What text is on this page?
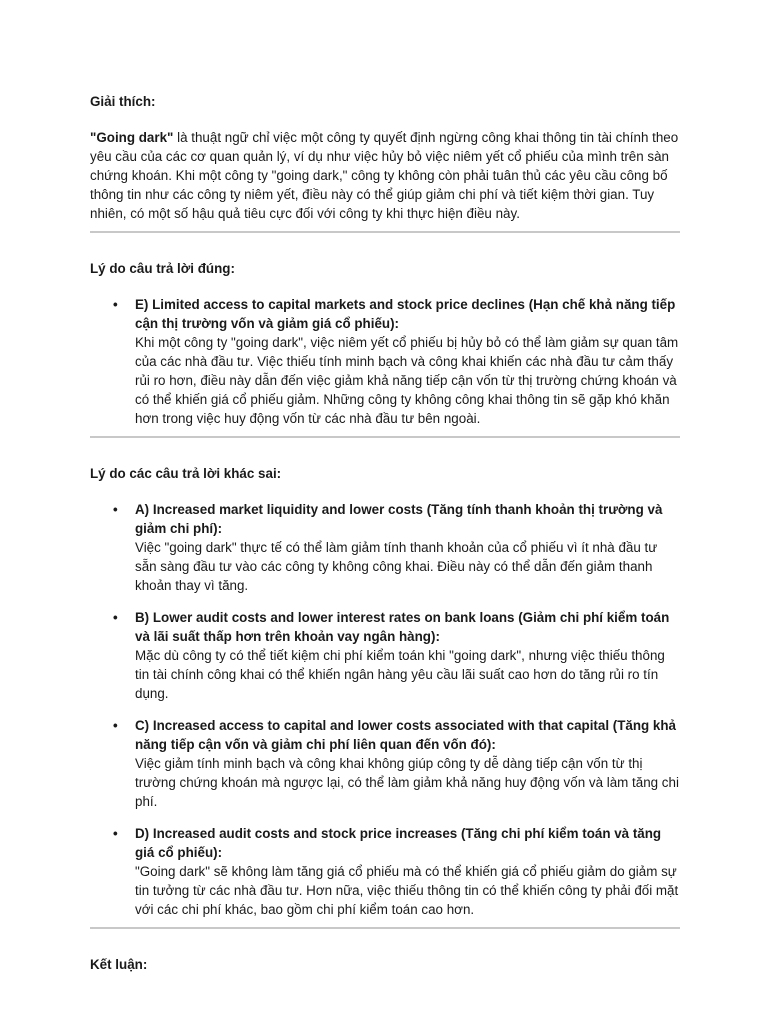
Giải thích:

"Going dark" là thuật ngữ chỉ việc một công ty quyết định ngừng công khai thông tin tài chính theo yêu cầu của các cơ quan quản lý, ví dụ như việc hủy bỏ việc niêm yết cổ phiếu của mình trên sàn chứng khoán. Khi một công ty "going dark," công ty không còn phải tuân thủ các yêu cầu công bố thông tin như các công ty niêm yết, điều này có thể giúp giảm chi phí và tiết kiệm thời gian. Tuy nhiên, có một số hậu quả tiêu cực đối với công ty khi thực hiện điều này.

Lý do câu trả lời đúng:
• E) Limited access to capital markets and stock price declines (Hạn chế khả năng tiếp cận thị trường vốn và giảm giá cổ phiếu):
Khi một công ty "going dark", việc niêm yết cổ phiếu bị hủy bỏ có thể làm giảm sự quan tâm của các nhà đầu tư. Việc thiếu tính minh bạch và công khai khiến các nhà đầu tư cảm thấy rủi ro hơn, điều này dẫn đến việc giảm khả năng tiếp cận vốn từ thị trường chứng khoán và có thể khiến giá cổ phiếu giảm. Những công ty không công khai thông tin sẽ gặp khó khăn hơn trong việc huy động vốn từ các nhà đầu tư bên ngoài.
Lý do các câu trả lời khác sai:
• A) Increased market liquidity and lower costs (Tăng tính thanh khoản thị trường và giảm chi phí):
Việc "going dark" thực tế có thể làm giảm tính thanh khoản của cổ phiếu vì ít nhà đầu tư sẵn sàng đầu tư vào các công ty không công khai. Điều này có thể dẫn đến giảm thanh khoản thay vì tăng.
• B) Lower audit costs and lower interest rates on bank loans (Giảm chi phí kiểm toán và lãi suất thấp hơn trên khoản vay ngân hàng):
Mặc dù công ty có thể tiết kiệm chi phí kiểm toán khi "going dark", nhưng việc thiếu thông tin tài chính công khai có thể khiến ngân hàng yêu cầu lãi suất cao hơn do tăng rủi ro tín dụng.
• C) Increased access to capital and lower costs associated with that capital (Tăng khả năng tiếp cận vốn và giảm chi phí liên quan đến vốn đó):
Việc giảm tính minh bạch và công khai không giúp công ty dễ dàng tiếp cận vốn từ thị trường chứng khoán mà ngược lại, có thể làm giảm khả năng huy động vốn và làm tăng chi phí.
• D) Increased audit costs and stock price increases (Tăng chi phí kiểm toán và tăng giá cổ phiếu):
"Going dark" sẽ không làm tăng giá cổ phiếu mà có thể khiến giá cổ phiếu giảm do giảm sự tin tưởng từ các nhà đầu tư. Hơn nữa, việc thiếu thông tin có thể khiến công ty phải đối mặt với các chi phí khác, bao gồm chi phí kiểm toán cao hơn.
Kết luận:
